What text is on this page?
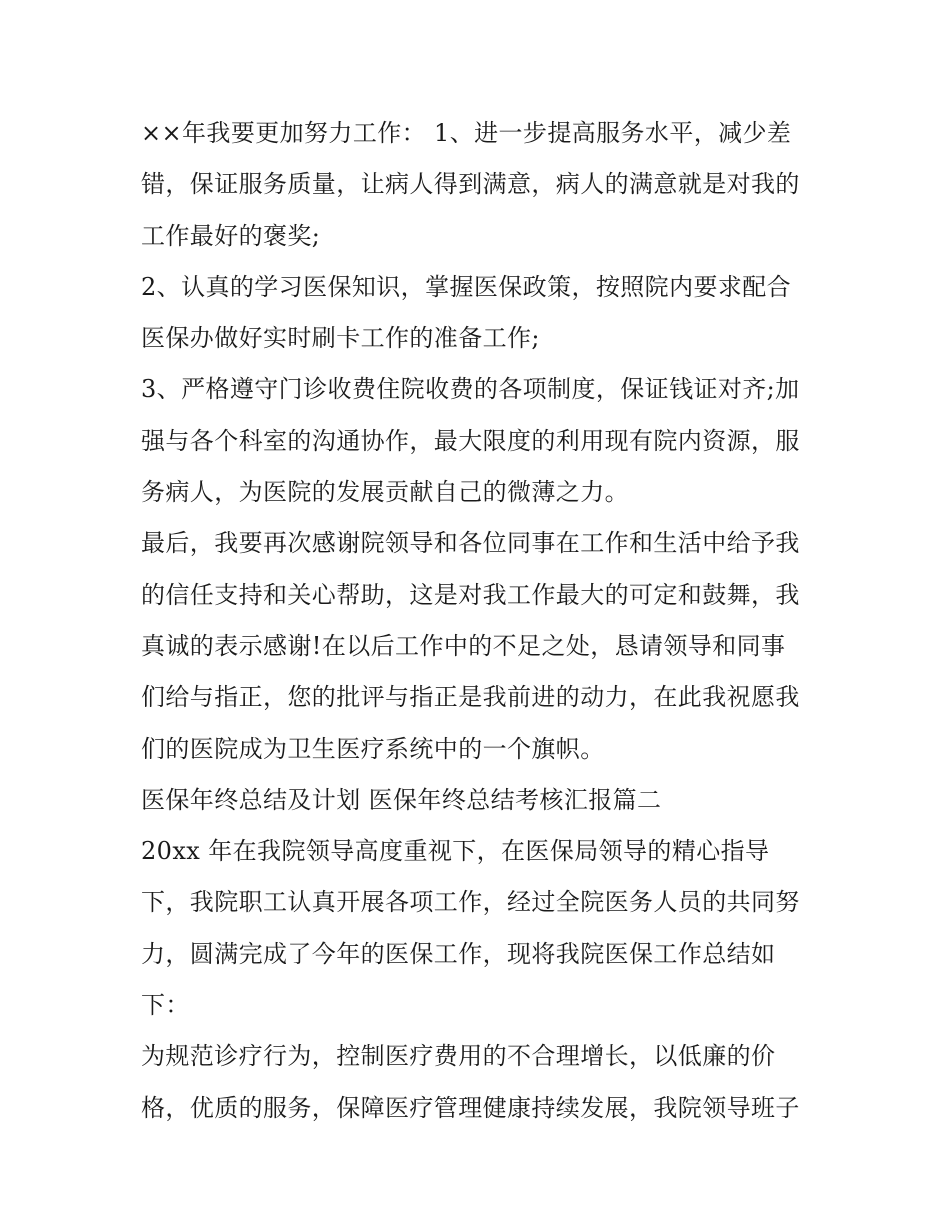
××年我要更加努力工作： 1、进一步提高服务水平，减少差
错，保证服务质量，让病人得到满意，病人的满意就是对我的
工作最好的褒奖;
2、认真的学习医保知识，掌握医保政策，按照院内要求配合
医保办做好实时刷卡工作的准备工作;
3、严格遵守门诊收费住院收费的各项制度，保证钱证对齐;加
强与各个科室的沟通协作，最大限度的利用现有院内资源，服
务病人，为医院的发展贡献自己的微薄之力。
最后，我要再次感谢院领导和各位同事在工作和生活中给予我
的信任支持和关心帮助，这是对我工作最大的可定和鼓舞，我
真诚的表示感谢!在以后工作中的不足之处，恳请领导和同事
们给与指正，您的批评与指正是我前进的动力，在此我祝愿我
们的医院成为卫生医疗系统中的一个旗帜。
医保年终总结及计划 医保年终总结考核汇报篇二
20xx 年在我院领导高度重视下，在医保局领导的精心指导
下，我院职工认真开展各项工作，经过全院医务人员的共同努
力，圆满完成了今年的医保工作，现将我院医保工作总结如
下：
为规范诊疗行为，控制医疗费用的不合理增长，以低廉的价
格，优质的服务，保障医疗管理健康持续发展，我院领导班子
